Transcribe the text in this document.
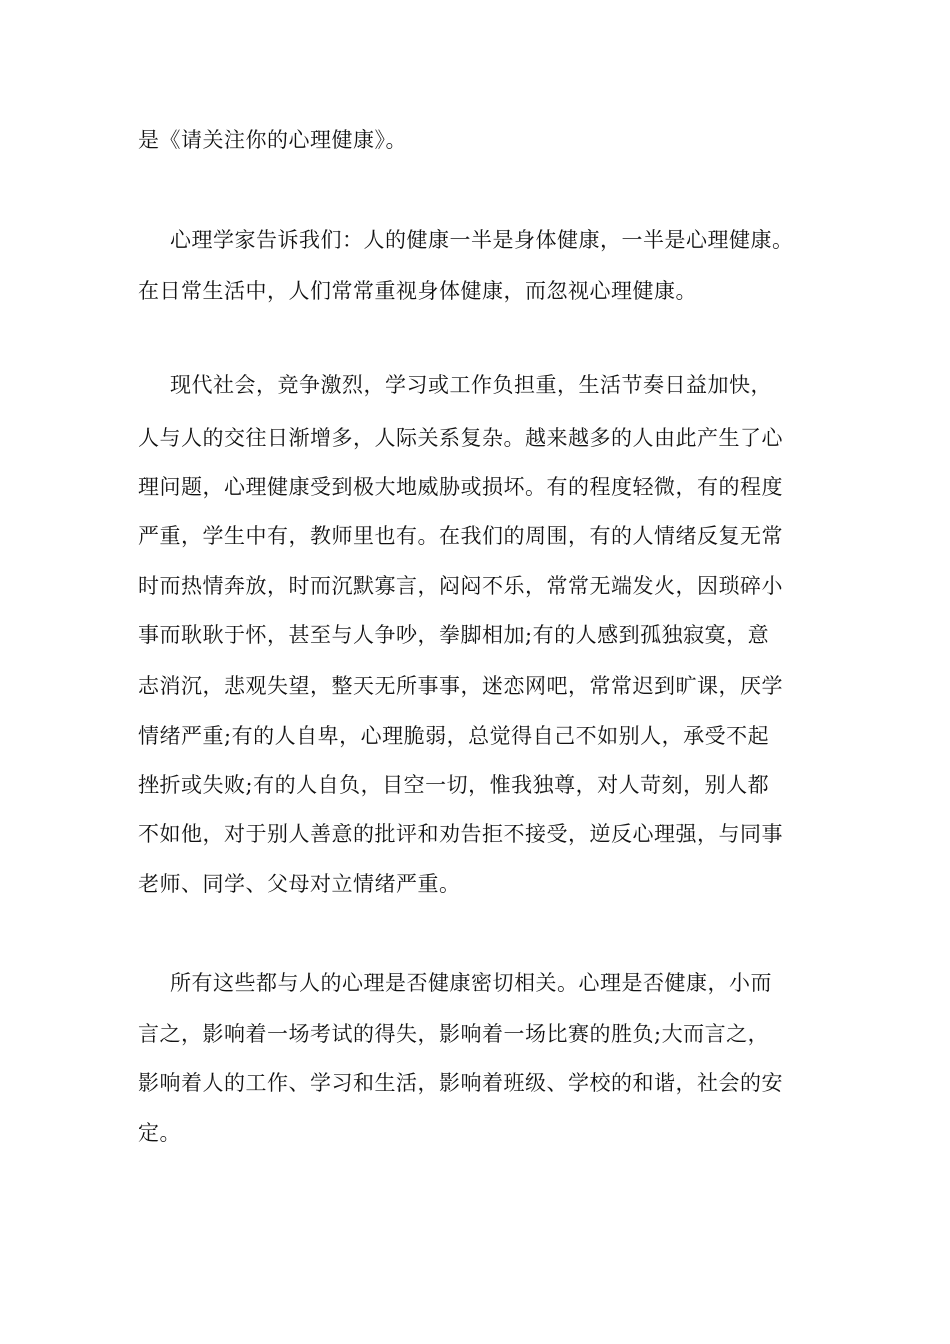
是《请关注你的心理健康》。
心理学家告诉我们：人的健康一半是身体健康，一半是心理健康。
在日常生活中，人们常常重视身体健康，而忽视心理健康。
现代社会，竞争激烈，学习或工作负担重，生活节奏日益加快，
人与人的交往日渐增多，人际关系复杂。越来越多的人由此产生了心
理问题，心理健康受到极大地威胁或损坏。有的程度轻微，有的程度
严重，学生中有，教师里也有。在我们的周围，有的人情绪反复无常
时而热情奔放，时而沉默寡言，闷闷不乐，常常无端发火，因琐碎小
事而耿耿于怀，甚至与人争吵，拳脚相加;有的人感到孤独寂寞，意
志消沉，悲观失望，整天无所事事，迷恋网吧，常常迟到旷课，厌学
情绪严重;有的人自卑，心理脆弱，总觉得自己不如别人，承受不起
挫折或失败;有的人自负，目空一切，惟我独尊，对人苛刻，别人都
不如他，对于别人善意的批评和劝告拒不接受，逆反心理强，与同事
老师、同学、父母对立情绪严重。
所有这些都与人的心理是否健康密切相关。心理是否健康，小而
言之，影响着一场考试的得失，影响着一场比赛的胜负;大而言之，
影响着人的工作、学习和生活，影响着班级、学校的和谐，社会的安
定。
